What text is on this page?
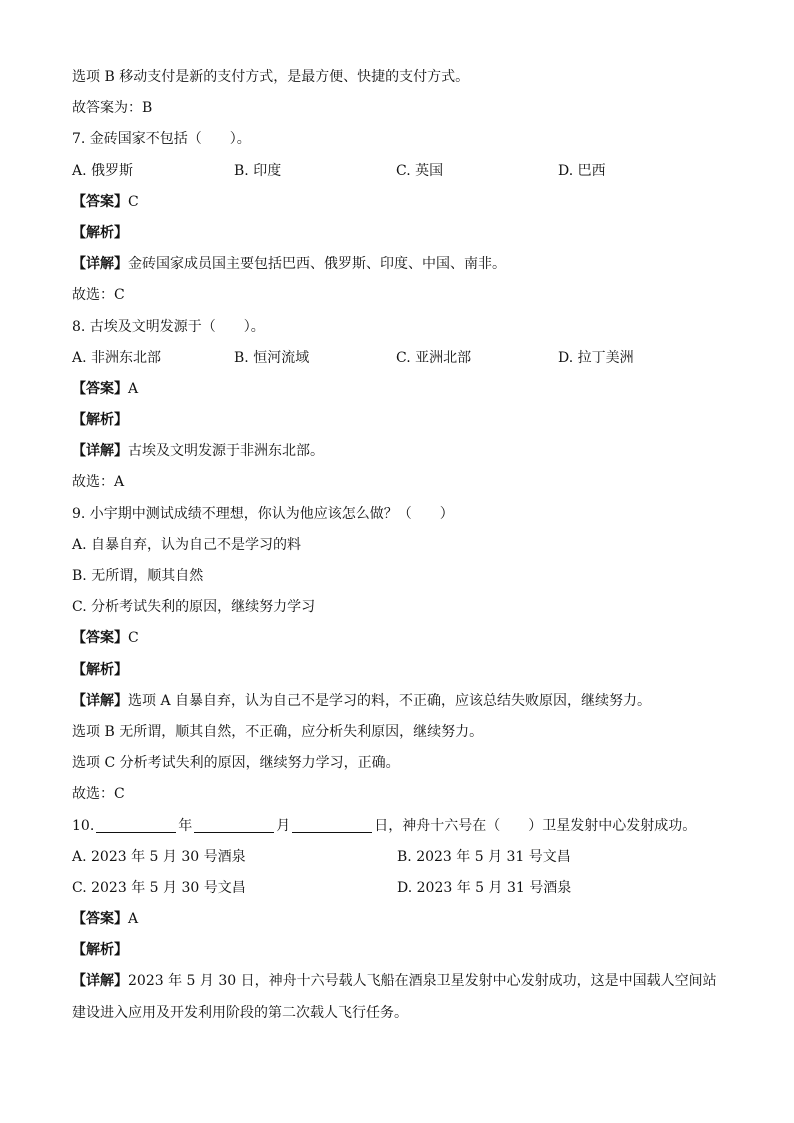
选项 B 移动支付是新的支付方式，是最方便、快捷的支付方式。
故答案为：B
7. 金砖国家不包括（　　）。
A. 俄罗斯	B. 印度	C. 英国	D. 巴西
【答案】C
【解析】
【详解】金砖国家成员国主要包括巴西、俄罗斯、印度、中国、南非。
故选：C
8. 古埃及文明发源于（　　）。
A. 非洲东北部	B. 恒河流域	C. 亚洲北部	D. 拉丁美洲
【答案】A
【解析】
【详解】古埃及文明发源于非洲东北部。
故选：A
9. 小宇期中测试成绩不理想，你认为他应该怎么做？（　　）
A. 自暴自弃，认为自己不是学习的料
B. 无所谓，顺其自然
C. 分析考试失利的原因，继续努力学习
【答案】C
【解析】
【详解】选项 A 自暴自弃，认为自己不是学习的料，不正确，应该总结失败原因，继续努力。
选项 B 无所谓，顺其自然，不正确，应分析失利原因，继续努力。
选项 C 分析考试失利的原因，继续努力学习，正确。
故选：C
10.	年	月	日，神舟十六号在（　　）卫星发射中心发射成功。
A. 2023 年 5 月 30 号酒泉	B. 2023 年 5 月 31 号文昌
C. 2023 年 5 月 30 号文昌	D. 2023 年 5 月 31 号酒泉
【答案】A
【解析】
【详解】2023 年 5 月 30 日，神舟十六号载人飞船在酒泉卫星发射中心发射成功，这是中国载人空间站建设进入应用及开发利用阶段的第二次载人飞行任务。
